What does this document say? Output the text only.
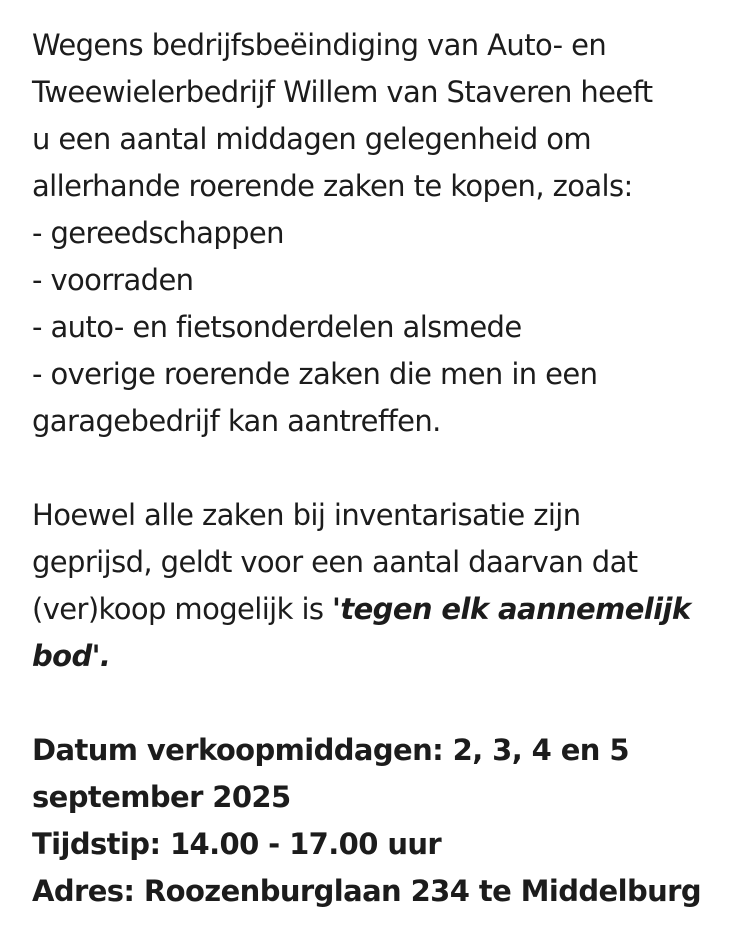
Wegens bedrijfsbeëindiging van Auto- en
Tweewielerbedrijf Willem van Staveren heeft
u een aantal middagen gelegenheid om
allerhande roerende zaken te kopen, zoals:
- gereedschappen
- voorraden
- auto- en fietsonderdelen alsmede
- overige roerende zaken die men in een
garagebedrijf kan aantreffen.
Hoewel alle zaken bij inventarisatie zijn
geprijsd, geldt voor een aantal daarvan dat
(ver)koop mogelijk is 'tegen elk aannemelijk
bod'.
Datum verkoopmiddagen: 2, 3, 4 en 5
september 2025
Tijdstip: 14.00 - 17.00 uur
Adres: Roozenburglaan 234 te Middelburg
